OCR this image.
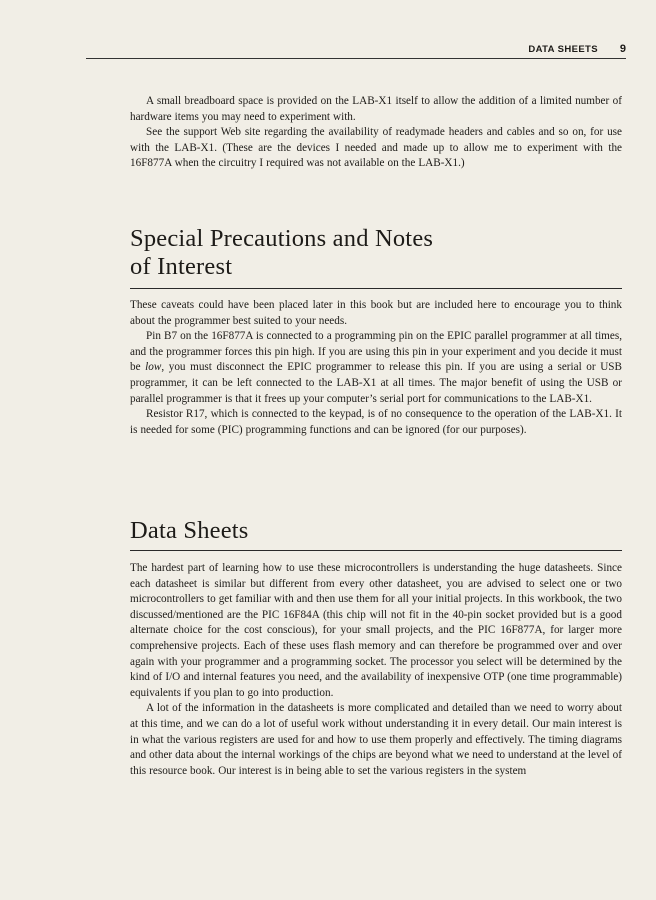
DATA SHEETS 9

A small breadboard space is provided on the LAB-X1 itself to allow the addition of a limited number of hardware items you may need to experiment with.

See the support Web site regarding the availability of readymade headers and cables and so on, for use with the LAB-X1. (These are the devices I needed and made up to allow me to experiment with the 16F877A when the circuitry I required was not available on the LAB-X1.)

Special Precautions and Notes
of Interest

These caveats could have been placed later in this book but are included here to encourage you to think about the programmer best suited to your needs.

Pin B7 on the 16F877A is connected to a programming pin on the EPIC parallel programmer at all times, and the programmer forces this pin high. If you are using this pin in your experiment and you decide it must be low, you must disconnect the EPIC programmer to release this pin. If you are using a serial or USB programmer, it can be left connected to the LAB-X1 at all times. The major benefit of using the USB or parallel programmer is that it frees up your computer’s serial port for communications to the LAB-X1.

Resistor R17, which is connected to the keypad, is of no consequence to the operation of the LAB-X1. It is needed for some (PIC) programming functions and can be ignored (for our purposes).

Data Sheets

The hardest part of learning how to use these microcontrollers is understanding the huge datasheets. Since each datasheet is similar but different from every other datasheet, you are advised to select one or two microcontrollers to get familiar with and then use them for all your initial projects. In this workbook, the two discussed/mentioned are the PIC 16F84A (this chip will not fit in the 40-pin socket provided but is a good alternate choice for the cost conscious), for your small projects, and the PIC 16F877A, for larger more comprehensive projects. Each of these uses flash memory and can therefore be programmed over and over again with your programmer and a programming socket. The processor you select will be determined by the kind of I/O and internal features you need, and the availability of inexpensive OTP (one time programmable) equivalents if you plan to go into production.

A lot of the information in the datasheets is more complicated and detailed than we need to worry about at this time, and we can do a lot of useful work without understanding it in every detail. Our main interest is in what the various registers are used for and how to use them properly and effectively. The timing diagrams and other data about the internal workings of the chips are beyond what we need to understand at the level of this resource book. Our interest is in being able to set the various registers in the system
